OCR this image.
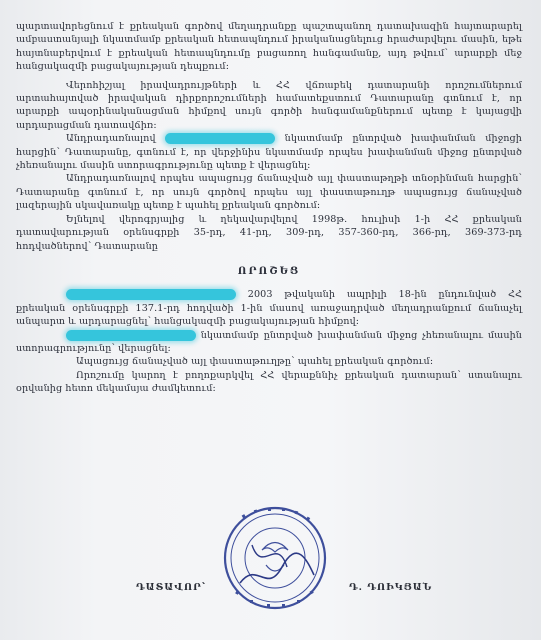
պարտավորեցնում է քրեական գործով մեղադրանքը պաշտպանող դատախազին հայտարարել ամբաստանյալի նկատմամբ քրեական հետապնդում իրականացնելուց հրաժարվելու մասին, եթե հայտնաբերվում է քրեական հետապնդումը բացառող հանգամանք, այդ թվում՝ արարքի մեջ հանցակազմի բացակայության դեպքում:

Վերոհիշյալ իրավադրույթների և ՀՀ վճռաբեկ դատարանի որոշումներում արտահայտված իրավական դիրքորոշումների համատեքստում Դատարանը գտնում է, որ արարքի ապօրինականացման հիմքով սույն գործի հանգամանքներում պետք է կայացվի արդարացման դատավճիռ:

Անդրադառնալով	նկատմամբ ընտրված խափանման միջոցի հարցին՝ Դատարանը, գտնում է, որ վերջինիս նկատմամբ որպես խափանման միջոց ընտրված չհեռանալու մասին ստորագրությունը պետք է վերացնել:

Անդրադառնալով որպես ապացույց ճանաչված այլ փաստաթղթի տնօրինման հարցին՝ Դատարանը գտնում է, որ սույն գործով որպես այլ փաստաթուղթ ապացույց ճանաչված լազերային սկավառակը պետք է պահել քրեական գործում:

Ելնելով վերոգրյալից և ղեկավարվելով 1998թ. հուլիսի 1-ի ՀՀ քրեական դատավարության օրենսգրքի 35-րդ, 41-րդ, 309-րդ, 357-360-րդ, 366-րդ, 369-373-րդ հոդվածներով՝ Դատարանը

ՈՐՈՇԵՑ

2003 թվականի ապրիլի 18-ին ընդունված ՀՀ քրեական օրենսգրքի 137.1-րդ հոդվածի 1-ին մասով առաջադրված մեղադրանքում ճանաչել անպարտ և արդարացնել՝ հանցակազմի բացակայության հիմքով:

նկատմամբ ընտրված խափանման միջոց չհեռանալու մասին ստորագրությունը՝ վերացնել:

Ապացույց ճանաչված այլ փաստաթուղթը՝ պահել քրեական գործում:

Որոշումը կարող է բողոքարկվել ՀՀ վերաքննիչ քրեական դատարան՝ ստանալու օրվանից հետո մեկամսյա ժամկետում:

ԴԱՏԱՎՈՐ՝	Դ. ԴՈԻԿՅԱՆ
